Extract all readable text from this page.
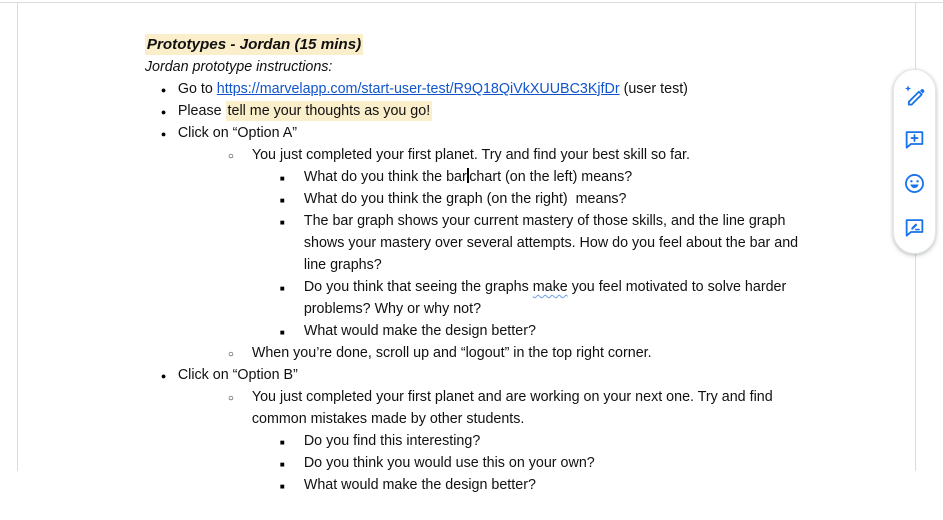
Prototypes - Jordan (15 mins)

Jordan prototype instructions:

● Go to https://marvelapp.com/start-user-test/R9Q18QiVkXUUBC3KjfDr (user test)

● Please tell me your thoughts as you go!

● Click on “Option A”

○ You just completed your first planet. Try and find your best skill so far.

■ What do you think the bar chart (on the left) means?

■ What do you think the graph (on the right)  means?

■ The bar graph shows your current mastery of those skills, and the line graph

shows your mastery over several attempts. How do you feel about the bar and

line graphs?

■ Do you think that seeing the graphs make you feel motivated to solve harder

problems? Why or why not?

■ What would make the design better?

○ When you’re done, scroll up and “logout” in the top right corner.

● Click on “Option B”

○ You just completed your first planet and are working on your next one. Try and find

common mistakes made by other students.

■ Do you find this interesting?

■ Do you think you would use this on your own?

■ What would make the design better?
